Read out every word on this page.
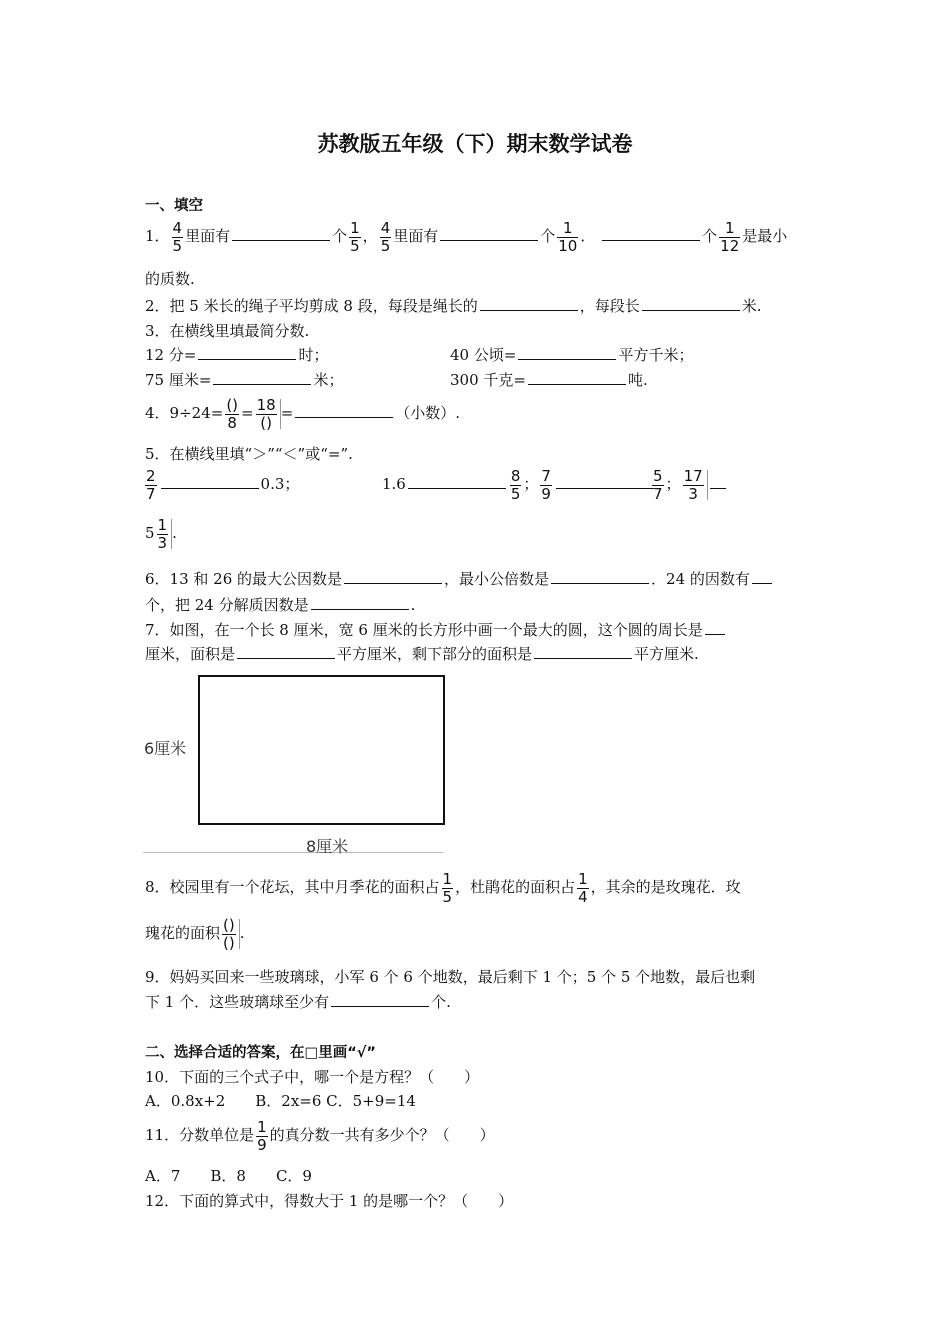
苏教版五年级（下）期末数学试卷
一、填空
1． $\frac{4}{5}$ 里面有	个 $\frac{1}{5}$ ， $\frac{4}{5}$ 里面有	个 $\frac{1}{10}$ ．	个 $\frac{1}{12}$ 是最小
的质数.
2．把 5 米长的绳子平均剪成 8 段，每段是绳长的	，每段长	米.
3．在横线里填最简分数.
12 分=	时；	40 公顷=	平方千米；
75 厘米=	米；	300 千克=	吨.
4．$9\div 24= \frac{()}{8} = \frac{18}{()}$ =	（小数）.
5．在横线里填“＞”“＜”或“=”.
$\frac{2}{7}$	0.3；	1.6	$\frac{8}{5}$ ； $\frac{7}{9}$	$\frac{5}{7}$ ； $\frac{17}{3}$
$5 \frac{1}{3}$ .
6．13 和 26 的最大公因数是	，最小公倍数是	．24 的因数有
个，把 24 分解质因数是	.
7．如图，在一个长 8 厘米，宽 6 厘米的长方形中画一个最大的圆，这个圆的周长是
厘米，面积是	平方厘米，剩下部分的面积是	平方厘米.
6厘米
8厘米
8．校园里有一个花坛，其中月季花的面积占 $\frac{1}{5}$ ，杜鹃花的面积占 $\frac{1}{4}$ ，其余的是玫瑰花．玫
瑰花的面积 $\frac{()}{()}$ .
9．妈妈买回来一些玻璃球，小军 6 个 6 个地数，最后剩下 1 个；5 个 5 个地数，最后也剩
下 1 个．这些玻璃球至少有	个.
二、选择合适的答案，在□里画“√”
10．下面的三个式子中，哪一个是方程？（　　）
A．0.8x+2　　B．2x=6 C．5+9=14
11．分数单位是 $\frac{1}{9}$ 的真分数一共有多少个？（　　）
A．7　　B．8　　C．9
12．下面的算式中，得数大于 1 的是哪一个？（　　）
